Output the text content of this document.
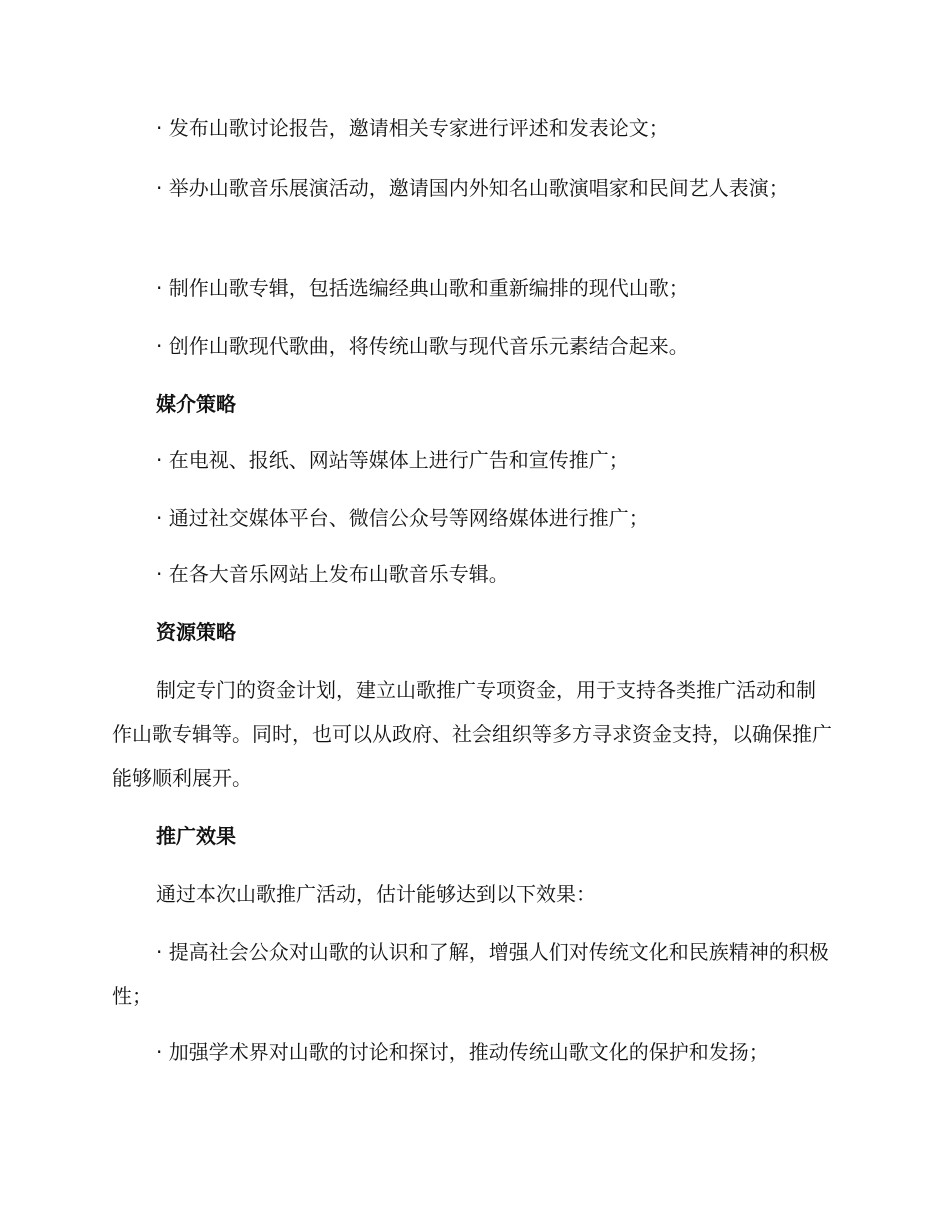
· 发布山歌讨论报告，邀请相关专家进行评述和发表论文；

· 举办山歌音乐展演活动，邀请国内外知名山歌演唱家和民间艺人表演；

· 制作山歌专辑，包括选编经典山歌和重新编排的现代山歌；

· 创作山歌现代歌曲，将传统山歌与现代音乐元素结合起来。

媒介策略

· 在电视、报纸、网站等媒体上进行广告和宣传推广；

· 通过社交媒体平台、微信公众号等网络媒体进行推广；

· 在各大音乐网站上发布山歌音乐专辑。

资源策略

制定专门的资金计划，建立山歌推广专项资金，用于支持各类推广活动和制作山歌专辑等。同时，也可以从政府、社会组织等多方寻求资金支持，以确保推广能够顺利展开。

推广效果

通过本次山歌推广活动，估计能够达到以下效果：

· 提高社会公众对山歌的认识和了解，增强人们对传统文化和民族精神的积极性；

· 加强学术界对山歌的讨论和探讨，推动传统山歌文化的保护和发扬；
